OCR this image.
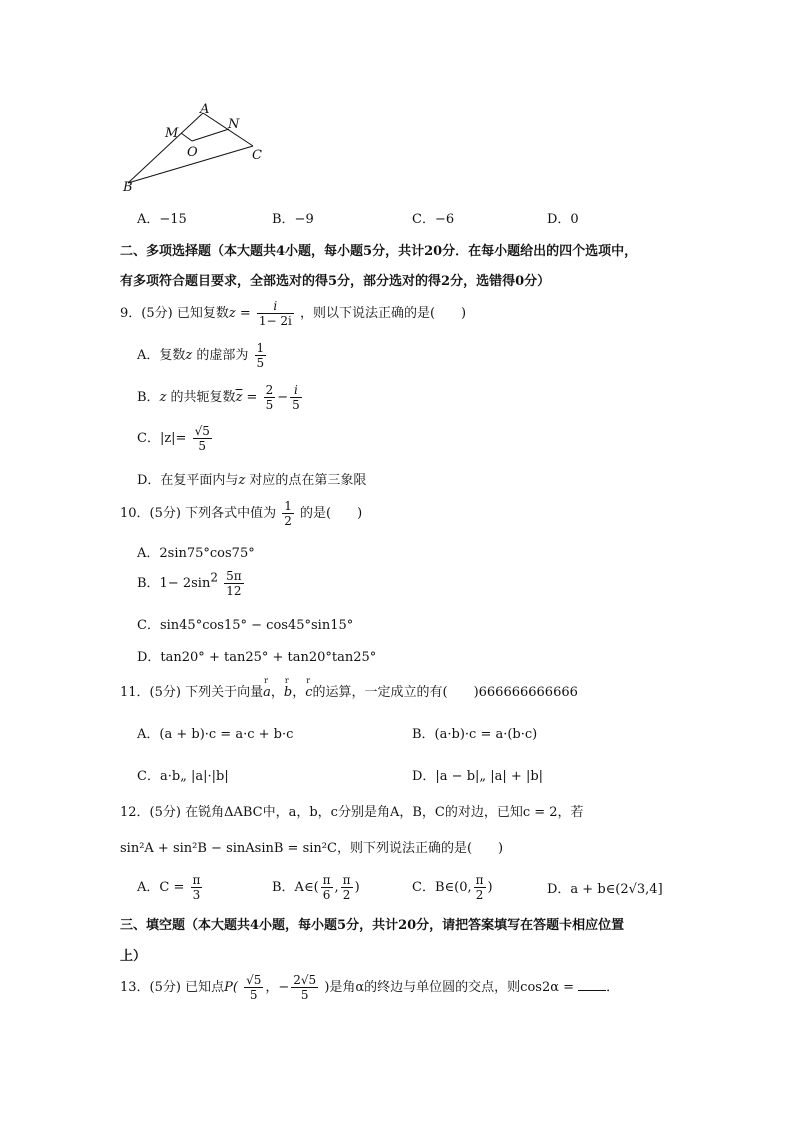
A
M
N
O	C
B
A．−15	B．−9	C．−6	D．0
二、多项选择题（本大题共4小题，每小题5分，共计20分．在每小题给出的四个选项中，
有多项符合题目要求，全部选对的得5分，部分选对的得2分，选错得0分）
9．(5分) 已知复数$z = \frac{i}{1- 2i}$ ，则以下说法正确的是(　　)
A．复数z 的虚部为 $\frac{1}{5}$
B．z 的共轭复数$\overline{z} = \frac{2}{5} - \frac{i}{5}$
C．$|z|= \frac{√5}{5}$
D．在复平面内与z 对应的点在第三象限
10．(5分) 下列各式中值为 $\frac{1}{2}$ 的是(　　)
A．2sin75°cos75°
B．$1- 2\sin^2 \frac{5\pi}{12}$
C．sin45°cos15° − cos45°sin15°
D．tan20° + tan25° + tan20°tan25°
11．(5分) 下列关于向量r a，r b，r c的运算，一定成立的有(　　)666666666666
A．(a + b)·c = a·c + b·c	B．(a·b)·c = a·(b·c)
C．a·b„ |a|·|b|	D．|a − b|„ |a| + |b|
12．(5分) 在锐角ΔABC中，a，b，c分别是角A，B，C的对边，已知c = 2，若
sin²A + sin²B − sinAsinB = sin²C，则下列说法正确的是(　　)
A．$C = \frac{\pi}{3}$	B．A∈( $\frac{\pi}{6}$ , $\frac{\pi}{2}$ )	C．B∈(0, $\frac{\pi}{2}$ )	D．a + b∈(2√3,4]
三、填空题（本大题共4小题，每小题5分，共计20分，请把答案填写在答题卡相应位置
上）
13．(5分) 已知点$P( \frac{√5}{5}$ ，− $\frac{2√5}{5}$ )是角α的终边与单位圆的交点，则cos2α = ．
